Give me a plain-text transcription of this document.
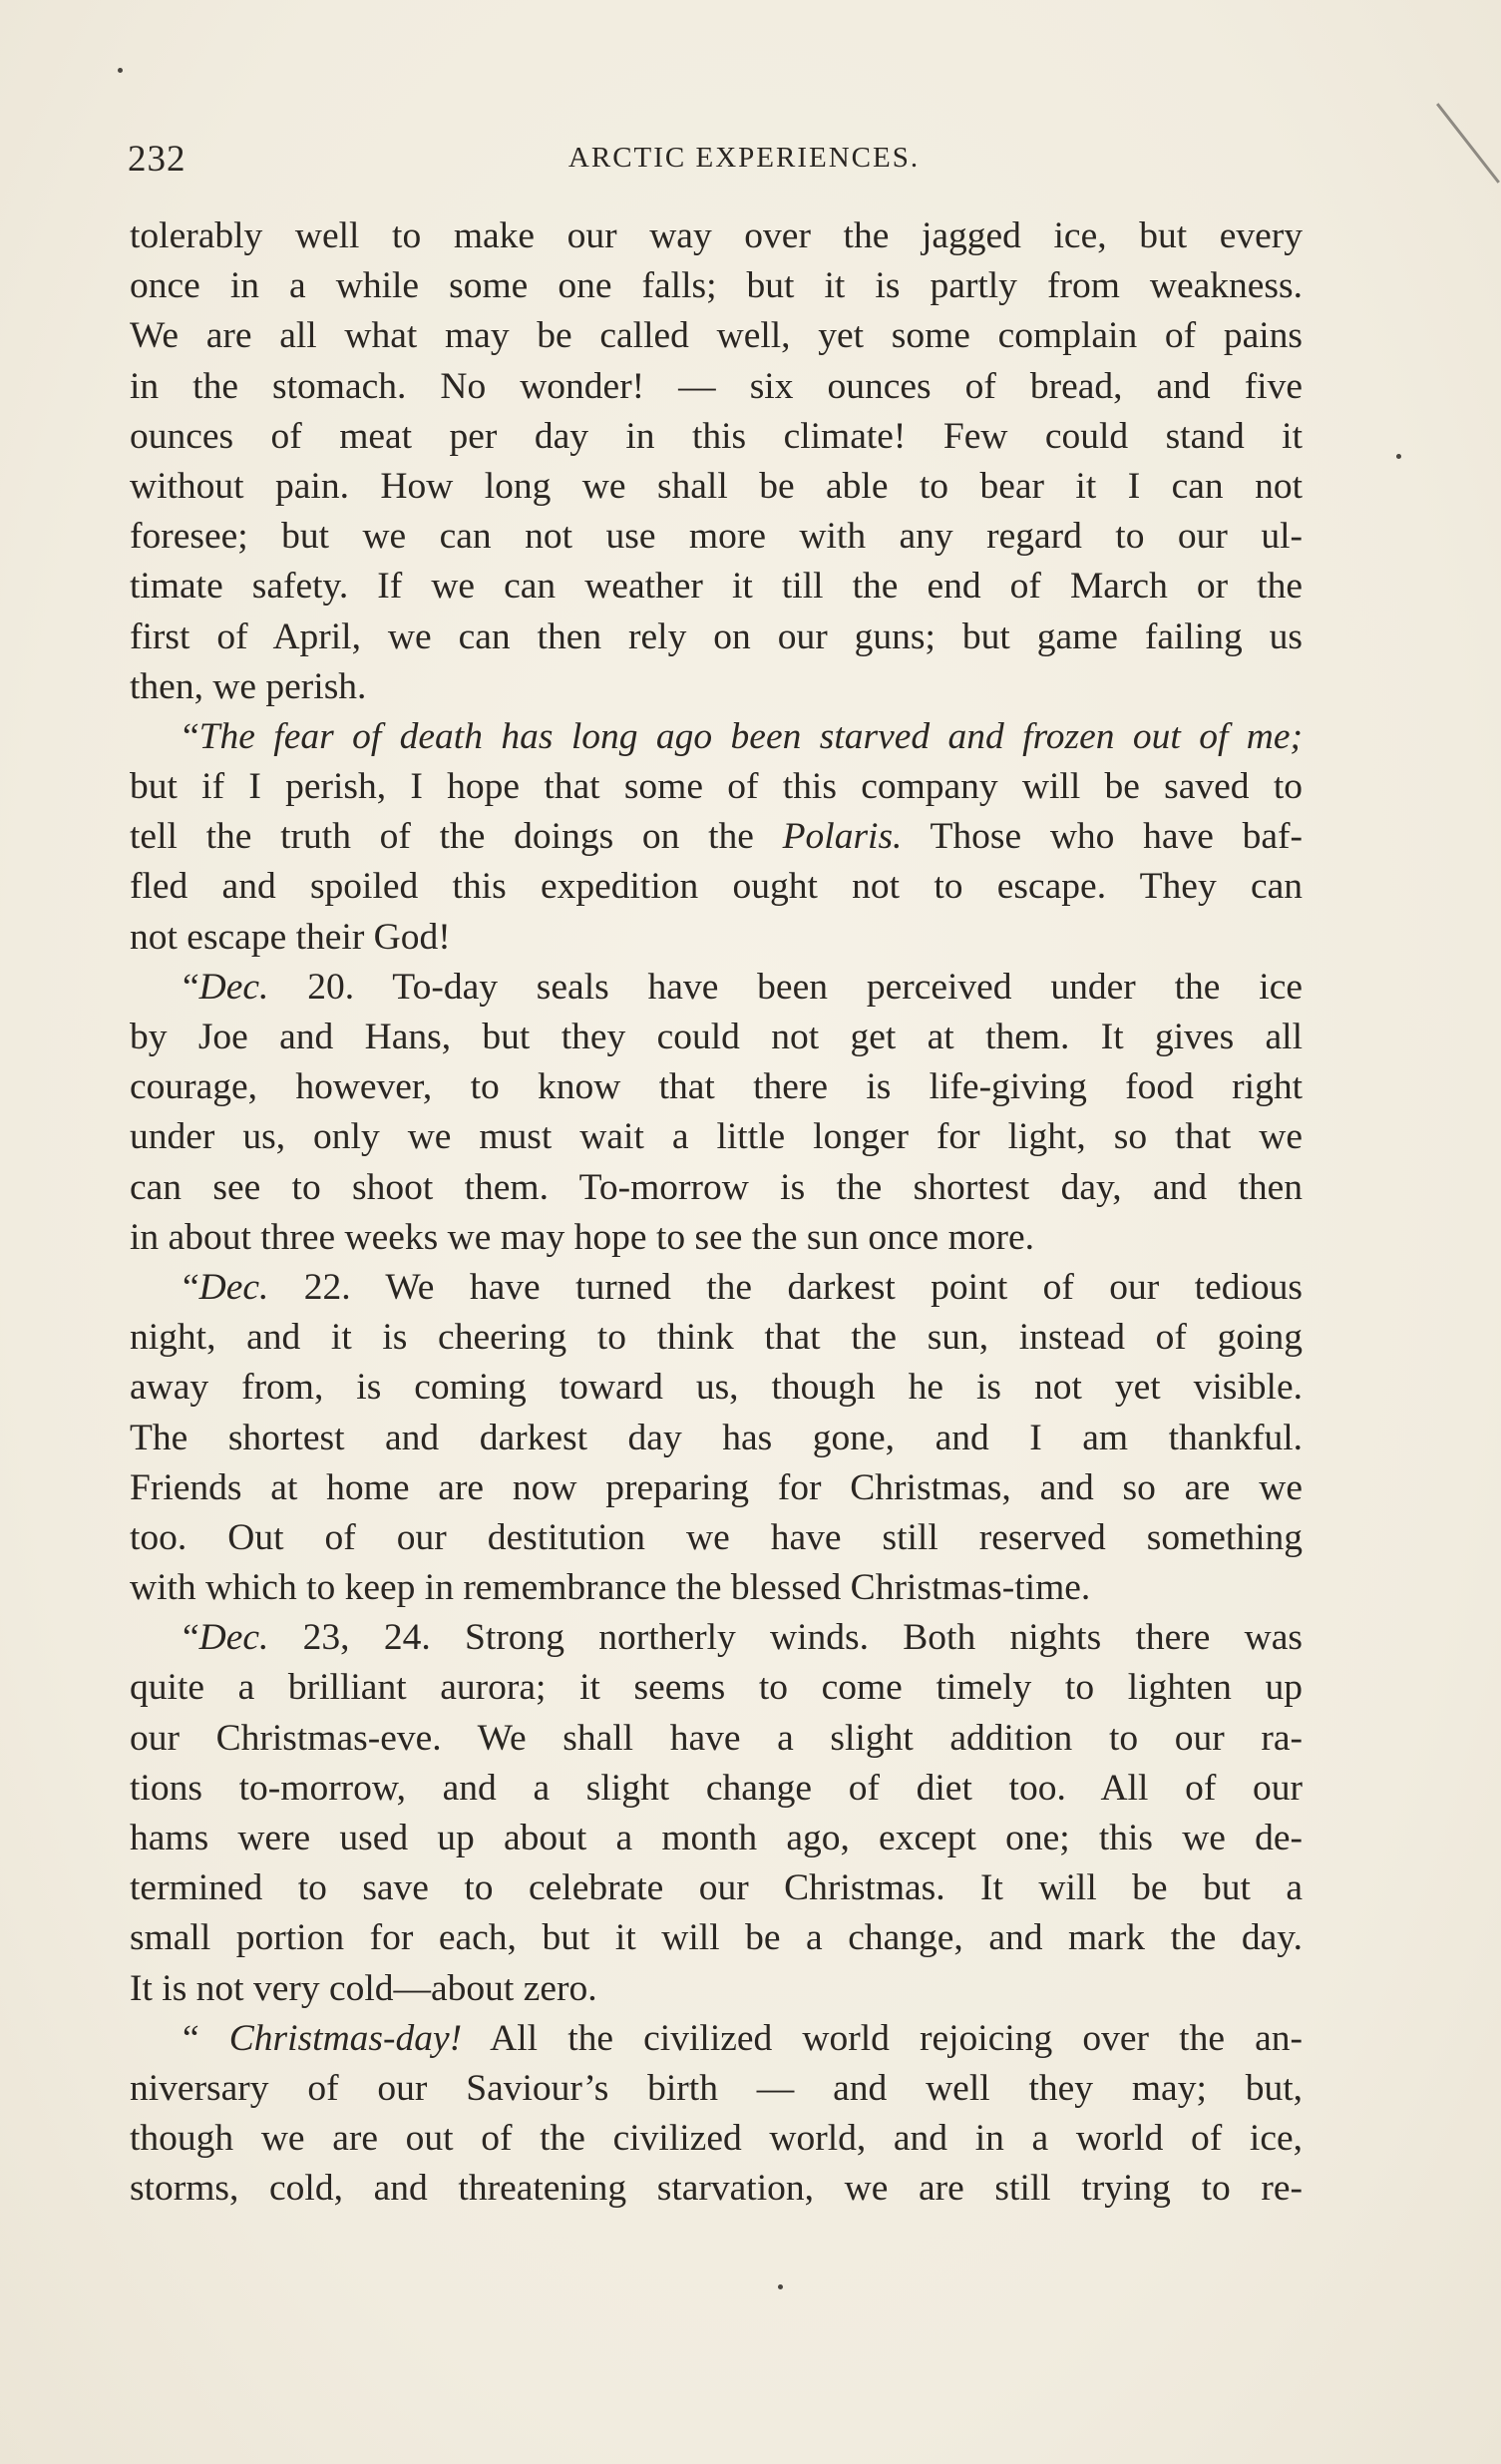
232	ARCTIC EXPERIENCES.
tolerably well to make our way over the jagged ice, but every
once in a while some one falls; but it is partly from weakness.
We are all what may be called well, yet some complain of pains
in the stomach. No wonder! — six ounces of bread, and five
ounces of meat per day in this climate! Few could stand it
without pain. How long we shall be able to bear it I can not
foresee; but we can not use more with any regard to our ul-
timate safety. If we can weather it till the end of March or the
first of April, we can then rely on our guns; but game failing us
then, we perish.
“The fear of death has long ago been starved and frozen out of me;
but if I perish, I hope that some of this company will be saved to
tell the truth of the doings on the Polaris. Those who have baf-
fled and spoiled this expedition ought not to escape. They can
not escape their God!
“Dec. 20. To-day seals have been perceived under the ice
by Joe and Hans, but they could not get at them. It gives all
courage, however, to know that there is life-giving food right
under us, only we must wait a little longer for light, so that we
can see to shoot them. To-morrow is the shortest day, and then
in about three weeks we may hope to see the sun once more.
“Dec. 22. We have turned the darkest point of our tedious
night, and it is cheering to think that the sun, instead of going
away from, is coming toward us, though he is not yet visible.
The shortest and darkest day has gone, and I am thankful.
Friends at home are now preparing for Christmas, and so are we
too. Out of our destitution we have still reserved something
with which to keep in remembrance the blessed Christmas-time.
“Dec. 23, 24. Strong northerly winds. Both nights there was
quite a brilliant aurora; it seems to come timely to lighten up
our Christmas-eve. We shall have a slight addition to our ra-
tions to-morrow, and a slight change of diet too. All of our
hams were used up about a month ago, except one; this we de-
termined to save to celebrate our Christmas. It will be but a
small portion for each, but it will be a change, and mark the day.
It is not very cold—about zero.
“ Christmas-day! All the civilized world rejoicing over the an-
niversary of our Saviour’s birth — and well they may; but,
though we are out of the civilized world, and in a world of ice,
storms, cold, and threatening starvation, we are still trying to re-
